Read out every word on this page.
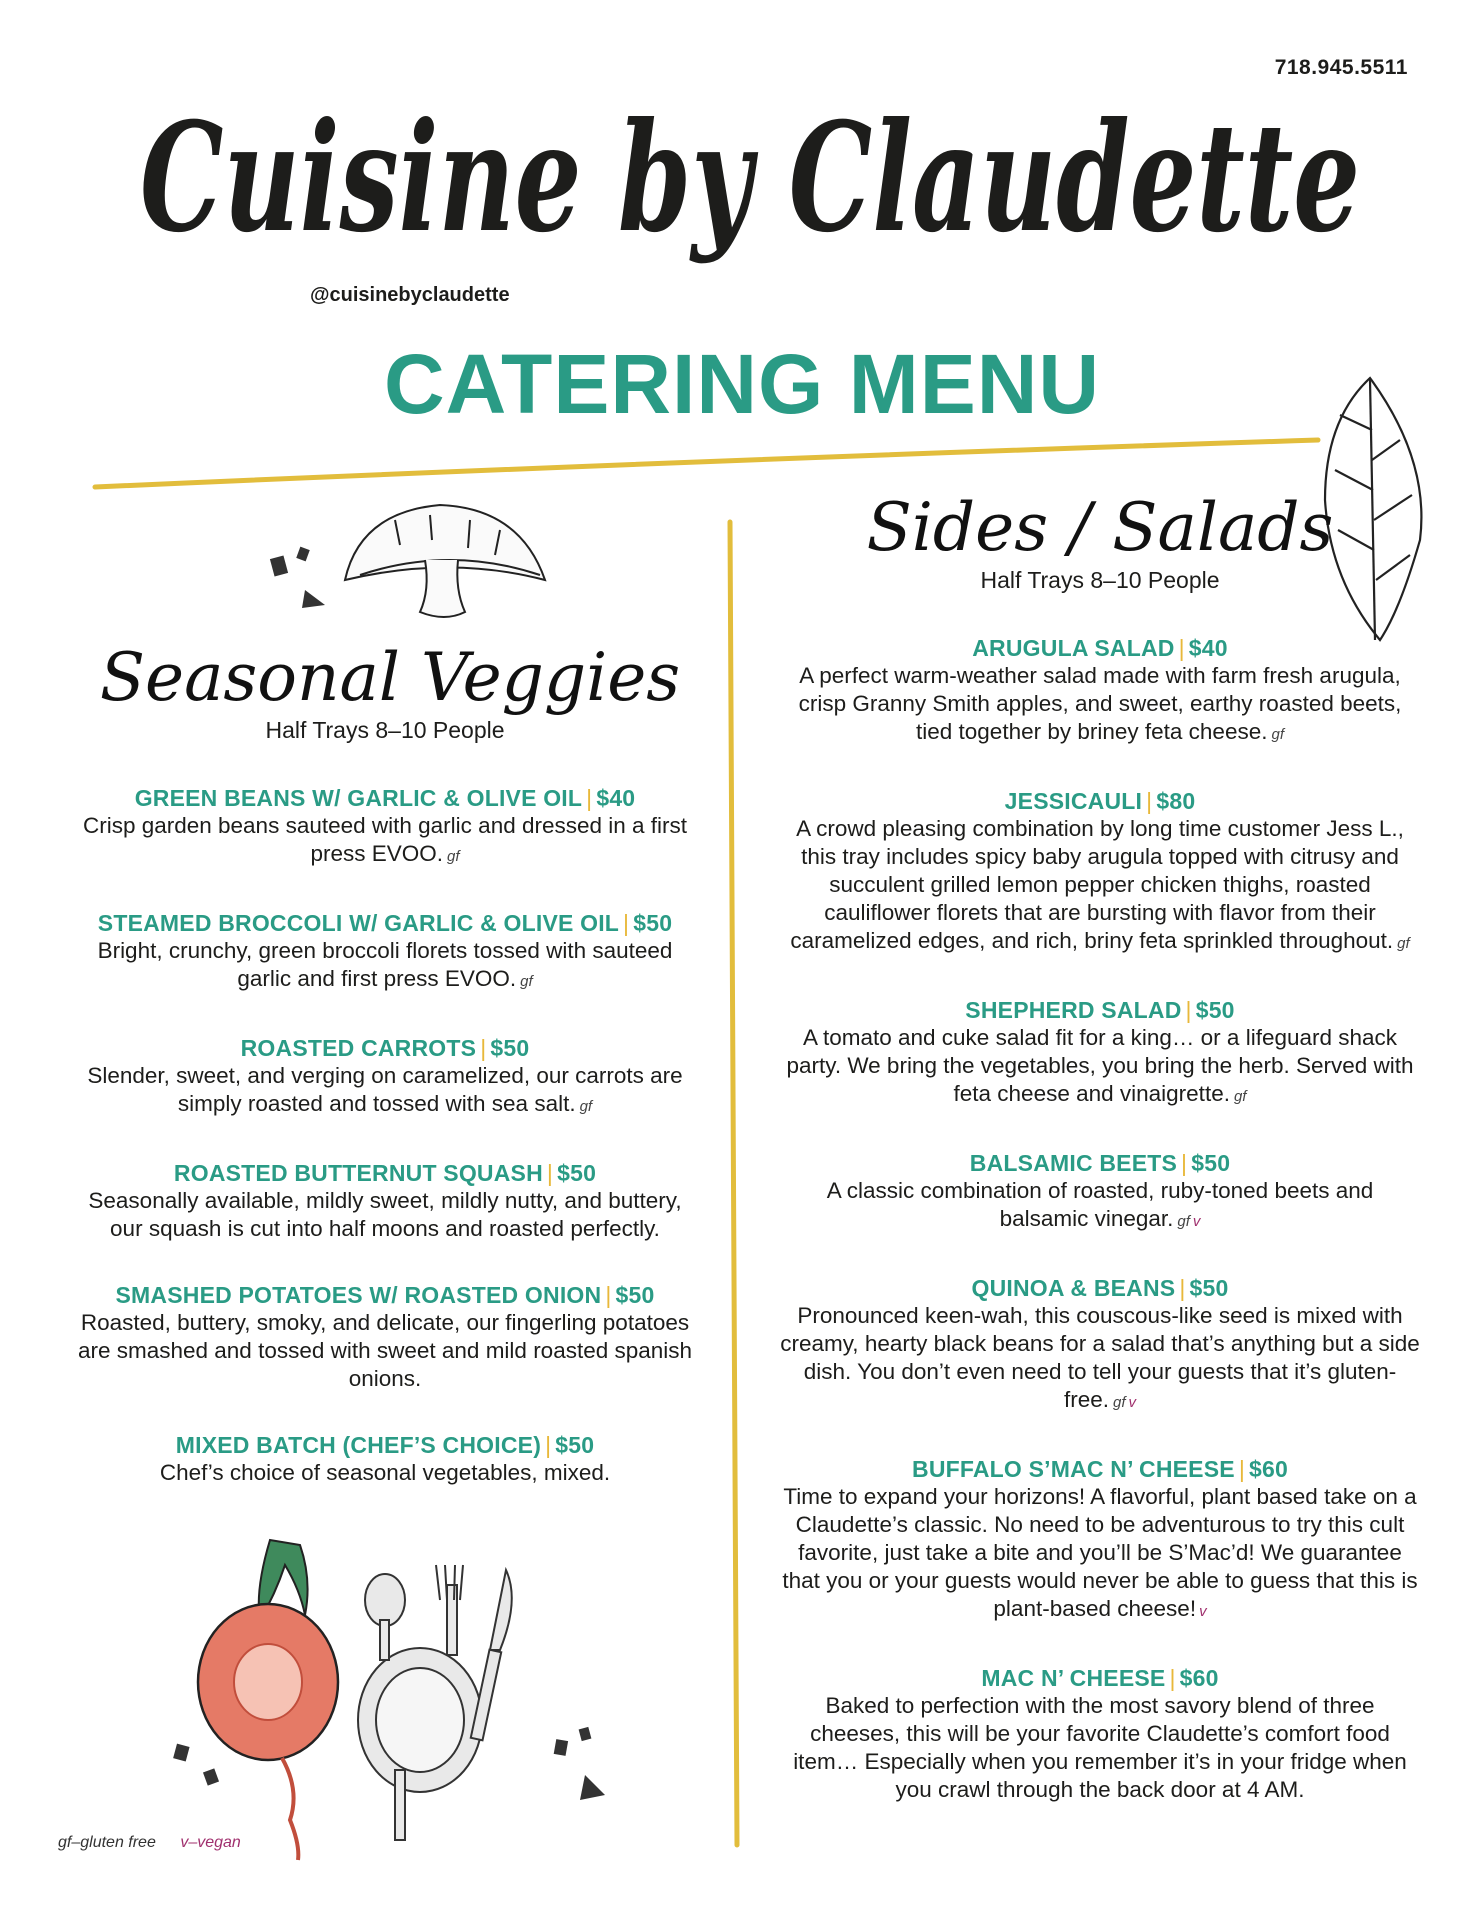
718.945.5511
Cuisine by Claudette
@cuisinebyclaudette
CATERING MENU
Seasonal Veggies
Half Trays 8–10 People
GREEN BEANS W/ GARLIC & OLIVE OIL | $40
Crisp garden beans sauteed with garlic and dressed in a first press EVOO. gf
STEAMED BROCCOLI W/ GARLIC & OLIVE OIL | $50
Bright, crunchy, green broccoli florets tossed with sauteed garlic and first press EVOO. gf
ROASTED CARROTS | $50
Slender, sweet, and verging on caramelized, our carrots are simply roasted and tossed with sea salt. gf
ROASTED BUTTERNUT SQUASH | $50
Seasonally available, mildly sweet, mildly nutty, and buttery, our squash is cut into half moons and roasted perfectly.
SMASHED POTATOES W/ ROASTED ONION | $50
Roasted, buttery, smoky, and delicate, our fingerling potatoes are smashed and tossed with sweet and mild roasted spanish onions.
MIXED BATCH (CHEF’S CHOICE) | $50
Chef’s choice of seasonal vegetables, mixed.
Sides / Salads
Half Trays 8–10 People
ARUGULA SALAD | $40
A perfect warm-weather salad made with farm fresh arugula, crisp Granny Smith apples, and sweet, earthy roasted beets, tied together by briney feta cheese. gf
JESSICAULI | $80
A crowd pleasing combination by long time customer Jess L., this tray includes spicy baby arugula topped with citrusy and succulent grilled lemon pepper chicken thighs, roasted cauliflower florets that are bursting with flavor from their caramelized edges, and rich, briny feta sprinkled throughout. gf
SHEPHERD SALAD | $50
A tomato and cuke salad fit for a king… or a lifeguard shack party. We bring the vegetables, you bring the herb. Served with feta cheese and vinaigrette. gf
BALSAMIC BEETS | $50
A classic combination of roasted, ruby-toned beets and balsamic vinegar. gf v
QUINOA & BEANS | $50
Pronounced keen-wah, this couscous-like seed is mixed with creamy, hearty black beans for a salad that’s anything but a side dish. You don’t even need to tell your guests that it’s gluten-free. gf v
BUFFALO S’MAC N’ CHEESE | $60
Time to expand your horizons! A flavorful, plant based take on a Claudette’s classic. No need to be adventurous to try this cult favorite, just take a bite and you’ll be S’Mac’d! We guarantee that you or your guests would never be able to guess that this is plant-based cheese! v
MAC N’ CHEESE | $60
Baked to perfection with the most savory blend of three cheeses, this will be your favorite Claudette’s comfort food item… Especially when you remember it’s in your fridge when you crawl through the back door at 4 AM.
gf–gluten free v–vegan
